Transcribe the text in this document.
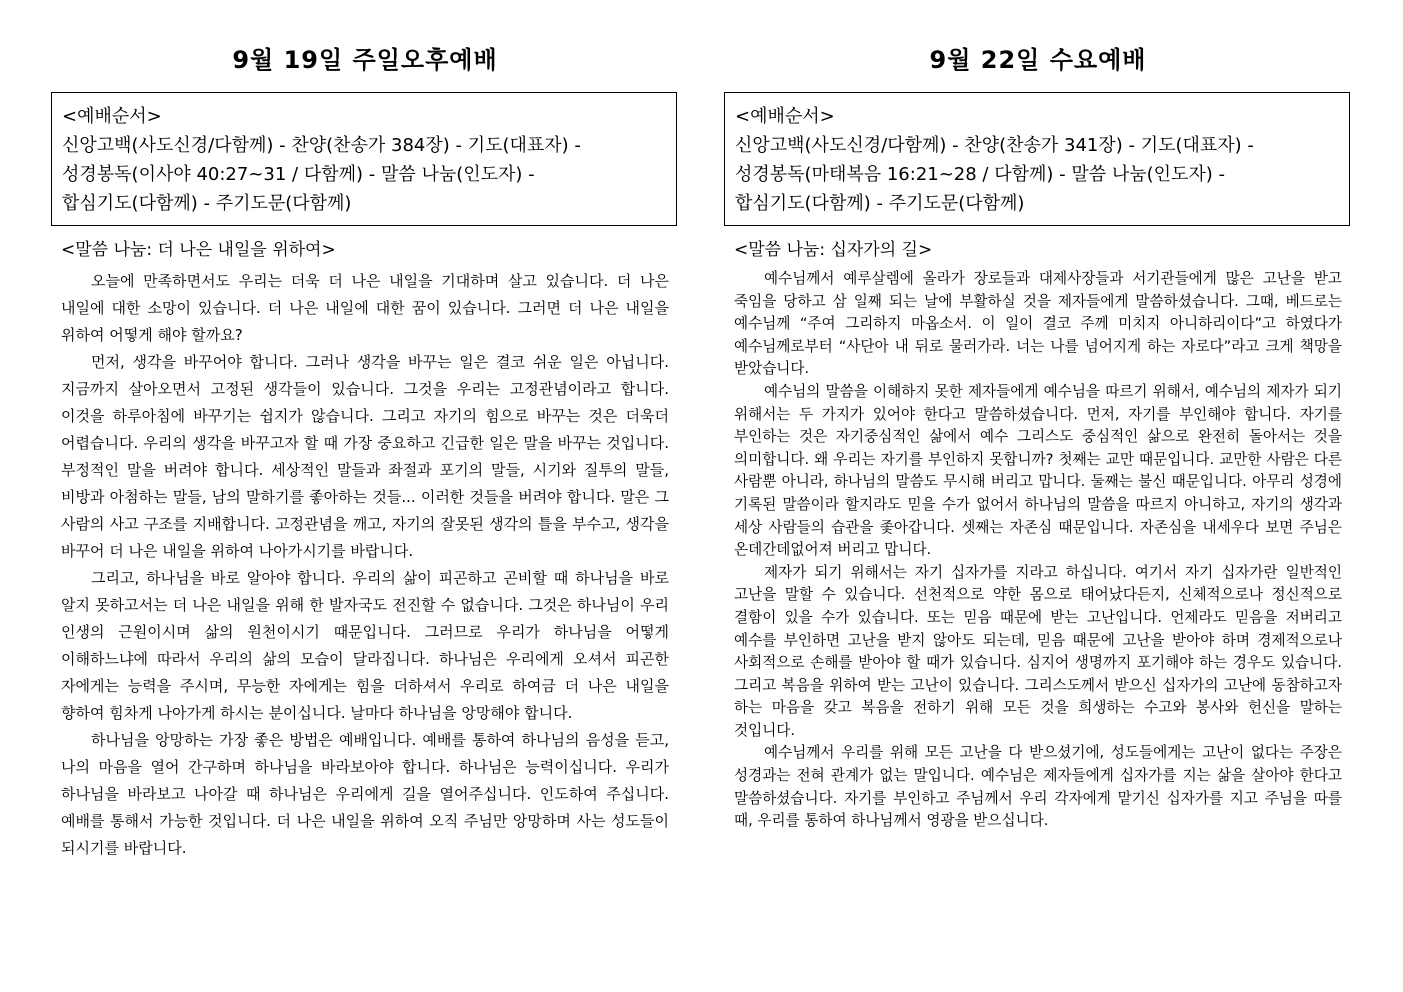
9월 19일 주일오후예배

<예배순서>

신앙고백(사도신경/다함께) - 찬양(찬송가 384장) - 기도(대표자) -

성경봉독(이사야 40:27~31 / 다함께) - 말씀 나눔(인도자) -

합심기도(다함께) - 주기도문(다함께)

<말씀 나눔: 더 나은 내일을 위하여>

오늘에 만족하면서도 우리는 더욱 더 나은 내일을 기대하며 살고 있습니다. 더 나은 내일에 대한 소망이 있습니다. 더 나은 내일에 대한 꿈이 있습니다. 그러면 더 나은 내일을 위하여 어떻게 해야 할까요?

먼저, 생각을 바꾸어야 합니다. 그러나 생각을 바꾸는 일은 결코 쉬운 일은 아닙니다. 지금까지 살아오면서 고정된 생각들이 있습니다. 그것을 우리는 고정관념이라고 합니다. 이것을 하루아침에 바꾸기는 쉽지가 않습니다. 그리고 자기의 힘으로 바꾸는 것은 더욱더 어렵습니다. 우리의 생각을 바꾸고자 할 때 가장 중요하고 긴급한 일은 말을 바꾸는 것입니다. 부정적인 말을 버려야 합니다. 세상적인 말들과 좌절과 포기의 말들, 시기와 질투의 말들, 비방과 아첨하는 말들, 남의 말하기를 좋아하는 것들... 이러한 것들을 버려야 합니다. 말은 그 사람의 사고 구조를 지배합니다. 고정관념을 깨고, 자기의 잘못된 생각의 틀을 부수고, 생각을 바꾸어 더 나은 내일을 위하여 나아가시기를 바랍니다.

그리고, 하나님을 바로 알아야 합니다. 우리의 삶이 피곤하고 곤비할 때 하나님을 바로 알지 못하고서는 더 나은 내일을 위해 한 발자국도 전진할 수 없습니다. 그것은 하나님이 우리 인생의 근원이시며 삶의 원천이시기 때문입니다. 그러므로 우리가 하나님을 어떻게 이해하느냐에 따라서 우리의 삶의 모습이 달라집니다. 하나님은 우리에게 오셔서 피곤한 자에게는 능력을 주시며, 무능한 자에게는 힘을 더하셔서 우리로 하여금 더 나은 내일을 향하여 힘차게 나아가게 하시는 분이십니다. 날마다 하나님을 앙망해야 합니다.

하나님을 앙망하는 가장 좋은 방법은 예배입니다. 예배를 통하여 하나님의 음성을 듣고, 나의 마음을 열어 간구하며 하나님을 바라보아야 합니다. 하나님은 능력이십니다. 우리가 하나님을 바라보고 나아갈 때 하나님은 우리에게 길을 열어주십니다. 인도하여 주십니다. 예배를 통해서 가능한 것입니다. 더 나은 내일을 위하여 오직 주님만 앙망하며 사는 성도들이 되시기를 바랍니다.

9월 22일 수요예배

<예배순서>

신앙고백(사도신경/다함께) - 찬양(찬송가 341장) - 기도(대표자) -

성경봉독(마태복음 16:21~28 / 다함께) - 말씀 나눔(인도자) -

합심기도(다함께) - 주기도문(다함께)

<말씀 나눔: 십자가의 길>

예수님께서 예루살렘에 올라가 장로들과 대제사장들과 서기관들에게 많은 고난을 받고 죽임을 당하고 삼 일째 되는 날에 부활하실 것을 제자들에게 말씀하셨습니다. 그때, 베드로는 예수님께 “주여 그리하지 마옵소서. 이 일이 결코 주께 미치지 아니하리이다”고 하였다가 예수님께로부터 “사단아 내 뒤로 물러가라. 너는 나를 넘어지게 하는 자로다”라고 크게 책망을 받았습니다.

예수님의 말씀을 이해하지 못한 제자들에게 예수님을 따르기 위해서, 예수님의 제자가 되기 위해서는 두 가지가 있어야 한다고 말씀하셨습니다. 먼저, 자기를 부인해야 합니다. 자기를 부인하는 것은 자기중심적인 삶에서 예수 그리스도 중심적인 삶으로 완전히 돌아서는 것을 의미합니다. 왜 우리는 자기를 부인하지 못합니까? 첫째는 교만 때문입니다. 교만한 사람은 다른 사람뿐 아니라, 하나님의 말씀도 무시해 버리고 맙니다. 둘째는 불신 때문입니다. 아무리 성경에 기록된 말씀이라 할지라도 믿을 수가 없어서 하나님의 말씀을 따르지 아니하고, 자기의 생각과 세상 사람들의 습관을 좇아갑니다. 셋째는 자존심 때문입니다. 자존심을 내세우다 보면 주님은 온데간데없어져 버리고 맙니다.

제자가 되기 위해서는 자기 십자가를 지라고 하십니다. 여기서 자기 십자가란 일반적인 고난을 말할 수 있습니다. 선천적으로 약한 몸으로 태어났다든지, 신체적으로나 정신적으로 결함이 있을 수가 있습니다. 또는 믿음 때문에 받는 고난입니다. 언제라도 믿음을 저버리고 예수를 부인하면 고난을 받지 않아도 되는데, 믿음 때문에 고난을 받아야 하며 경제적으로나 사회적으로 손해를 받아야 할 때가 있습니다. 심지어 생명까지 포기해야 하는 경우도 있습니다. 그리고 복음을 위하여 받는 고난이 있습니다. 그리스도께서 받으신 십자가의 고난에 동참하고자 하는 마음을 갖고 복음을 전하기 위해 모든 것을 희생하는 수고와 봉사와 헌신을 말하는 것입니다.

예수님께서 우리를 위해 모든 고난을 다 받으셨기에, 성도들에게는 고난이 없다는 주장은 성경과는 전혀 관계가 없는 말입니다. 예수님은 제자들에게 십자가를 지는 삶을 살아야 한다고 말씀하셨습니다. 자기를 부인하고 주님께서 우리 각자에게 맡기신 십자가를 지고 주님을 따를 때, 우리를 통하여 하나님께서 영광을 받으십니다.
